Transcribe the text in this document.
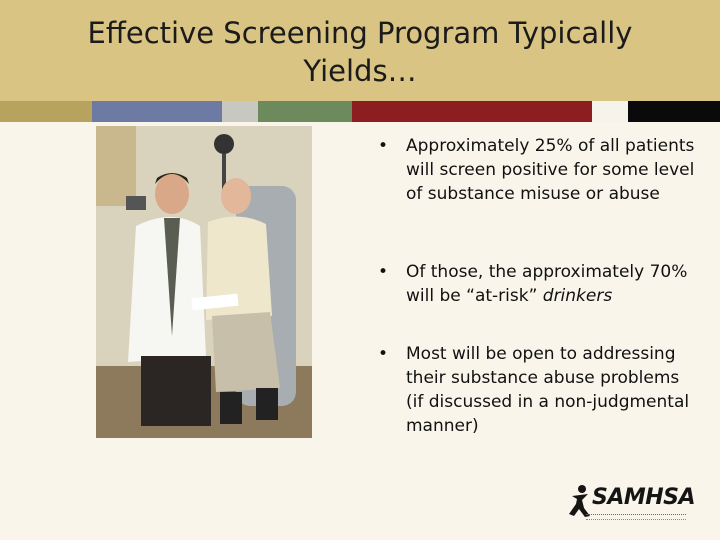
Effective Screening Program Typically Yields…
• Approximately 25% of all patients will screen positive for some level of substance misuse or abuse
• Of those, the approximately 70% will be “at-risk” drinkers
• Most will be open to addressing their substance abuse problems (if discussed in a non-judgmental manner)
SAMHSA
